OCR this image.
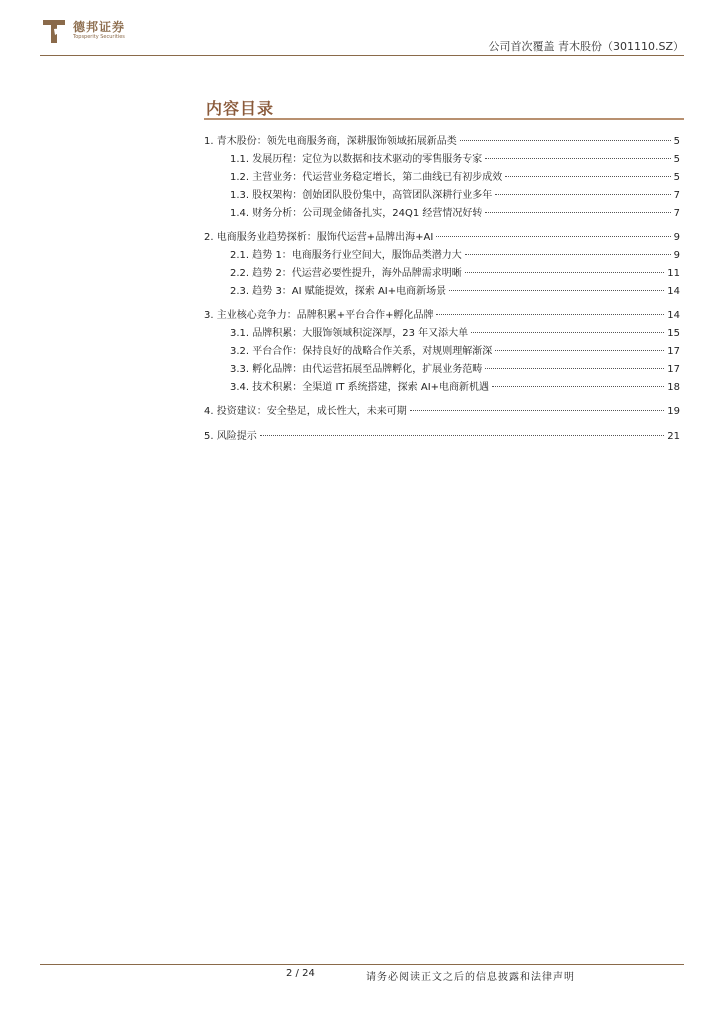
德邦证券
Topsperity Securities
公司首次覆盖 青木股份（301110.SZ）
内容目录
1. 青木股份：领先电商服务商，深耕服饰领域拓展新品类	5
1.1. 发展历程：定位为以数据和技术驱动的零售服务专家	5
1.2. 主营业务：代运营业务稳定增长，第二曲线已有初步成效	5
1.3. 股权架构：创始团队股份集中，高管团队深耕行业多年	7
1.4. 财务分析：公司现金储备扎实，24Q1 经营情况好转	7
2. 电商服务业趋势探析：服饰代运营+品牌出海+AI	9
2.1. 趋势 1：电商服务行业空间大，服饰品类潜力大	9
2.2. 趋势 2：代运营必要性提升，海外品牌需求明晰	11
2.3. 趋势 3：AI 赋能提效，探索 AI+电商新场景	14
3. 主业核心竞争力：品牌积累+平台合作+孵化品牌	14
3.1. 品牌积累：大服饰领域积淀深厚，23 年又添大单	15
3.2. 平台合作：保持良好的战略合作关系，对规则理解渐深	17
3.3. 孵化品牌：由代运营拓展至品牌孵化，扩展业务范畴	17
3.4. 技术积累：全渠道 IT 系统搭建，探索 AI+电商新机遇	18
4. 投资建议：安全垫足，成长性大，未来可期	19
5. 风险提示	21
2 / 24	请务必阅读正文之后的信息披露和法律声明
